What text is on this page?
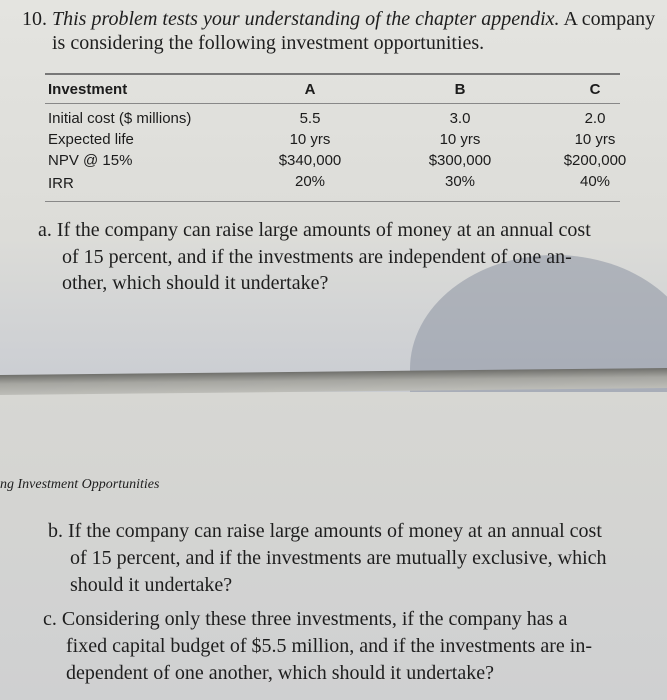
10. This problem tests your understanding of the chapter appendix. A company
is considering the following investment opportunities.
Investment	A	B	C
Initial cost ($ millions)	5.5	3.0	2.0
Expected life	10 yrs	10 yrs	10 yrs
NPV @ 15%	$340,000	$300,000	$200,000
IRR	20%	30%	40%
a. If the company can raise large amounts of money at an annual cost
of 15 percent, and if the investments are independent of one an-
other, which should it undertake?
ng Investment Opportunities
b. If the company can raise large amounts of money at an annual cost
of 15 percent, and if the investments are mutually exclusive, which
should it undertake?
c. Considering only these three investments, if the company has a
fixed capital budget of $5.5 million, and if the investments are in-
dependent of one another, which should it undertake?
